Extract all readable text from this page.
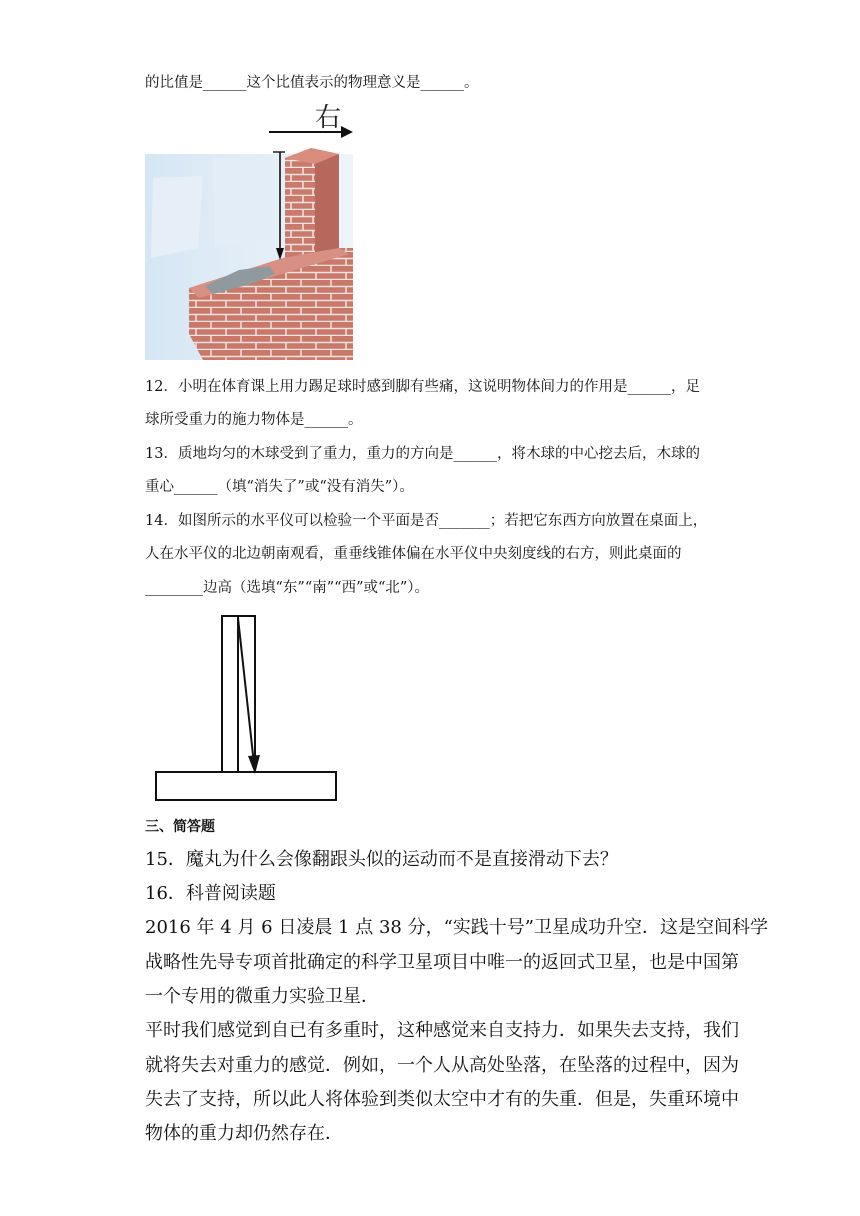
的比值是______这个比值表示的物理意义是______。
右
12．小明在体育课上用力踢足球时感到脚有些痛，这说明物体间力的作用是______，足
球所受重力的施力物体是______。
13．质地均匀的木球受到了重力，重力的方向是______，将木球的中心挖去后，木球的
重心______（填“消失了”或“没有消失”）。
14．如图所示的水平仪可以检验一个平面是否_______；若把它东西方向放置在桌面上，
人在水平仪的北边朝南观看，重垂线锥体偏在水平仪中央刻度线的右方，则此桌面的
________边高（选填“东”“南”“西”或“北”）。
三、简答题
15．魔丸为什么会像翻跟头似的运动而不是直接滑动下去？
16．科普阅读题
2016 年 4 月 6 日凌晨 1 点 38 分，“实践十号”卫星成功升空．这是空间科学
战略性先导专项首批确定的科学卫星项目中唯一的返回式卫星，也是中国第
一个专用的微重力实验卫星．
平时我们感觉到自已有多重时，这种感觉来自支持力．如果失去支持，我们
就将失去对重力的感觉．例如，一个人从高处坠落，在坠落的过程中，因为
失去了支持，所以此人将体验到类似太空中才有的失重．但是，失重环境中
物体的重力却仍然存在．
